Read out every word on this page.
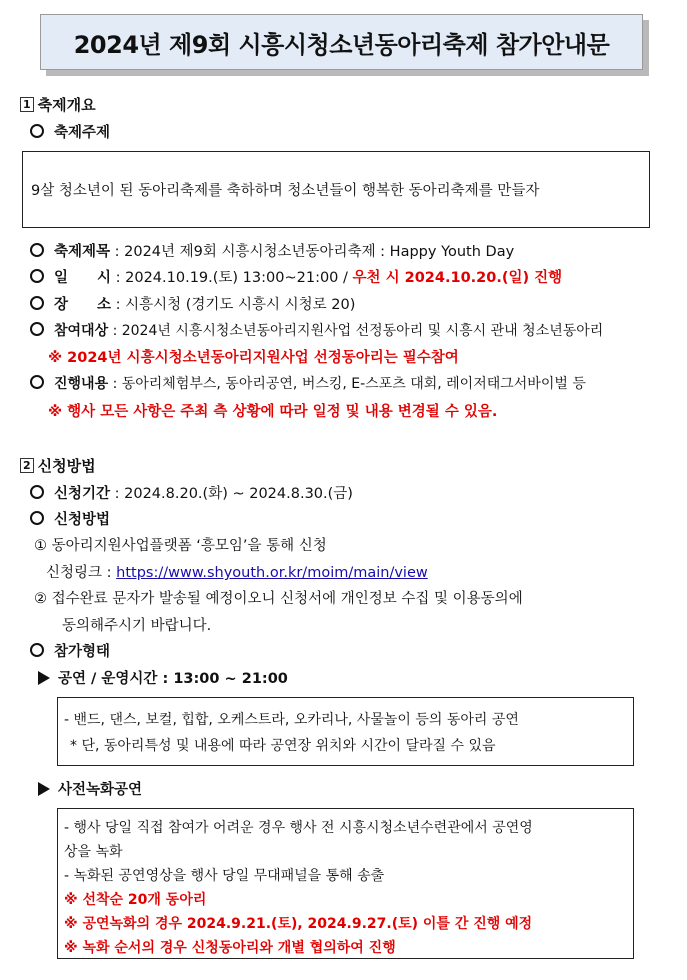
2024년 제9회 시흥시청소년동아리축제 참가안내문
1 축제개요
축제주제
9살 청소년이 된 동아리축제를 축하하며 청소년들이 행복한 동아리축제를 만들자
축제제목 : 2024년 제9회 시흥시청소년동아리축제 : Happy Youth Day
일　　시 : 2024.10.19.(토) 13:00~21:00 / 우천 시 2024.10.20.(일) 진행
장　　소 : 시흥시청 (경기도 시흥시 시청로 20)
참여대상 : 2024년 시흥시청소년동아리지원사업 선정동아리 및 시흥시 관내 청소년동아리
※ 2024년 시흥시청소년동아리지원사업 선정동아리는 필수참여
진행내용 : 동아리체험부스, 동아리공연, 버스킹, E-스포츠 대회, 레이저태그서바이벌 등
※ 행사 모든 사항은 주최 측 상황에 따라 일정 및 내용 변경될 수 있음.
2 신청방법
신청기간 : 2024.8.20.(화) ~ 2024.8.30.(금)
신청방법
① 동아리지원사업플랫폼 ‘흥모임’을 통해 신청
신청링크 : https://www.shyouth.or.kr/moim/main/view
② 접수완료 문자가 발송될 예정이오니 신청서에 개인정보 수집 및 이용동의에
동의해주시기 바랍니다.
참가형태
공연 / 운영시간 : 13:00 ~ 21:00
- 밴드, 댄스, 보컬, 힙합, 오케스트라, 오카리나, 사물놀이 등의 동아리 공연
* 단, 동아리특성 및 내용에 따라 공연장 위치와 시간이 달라질 수 있음
사전녹화공연
- 행사 당일 직접 참여가 어려운 경우 행사 전 시흥시청소년수련관에서 공연영
상을 녹화
- 녹화된 공연영상을 행사 당일 무대패널을 통해 송출
※ 선착순 20개 동아리
※ 공연녹화의 경우 2024.9.21.(토), 2024.9.27.(토) 이틀 간 진행 예정
※ 녹화 순서의 경우 신청동아리와 개별 협의하여 진행
